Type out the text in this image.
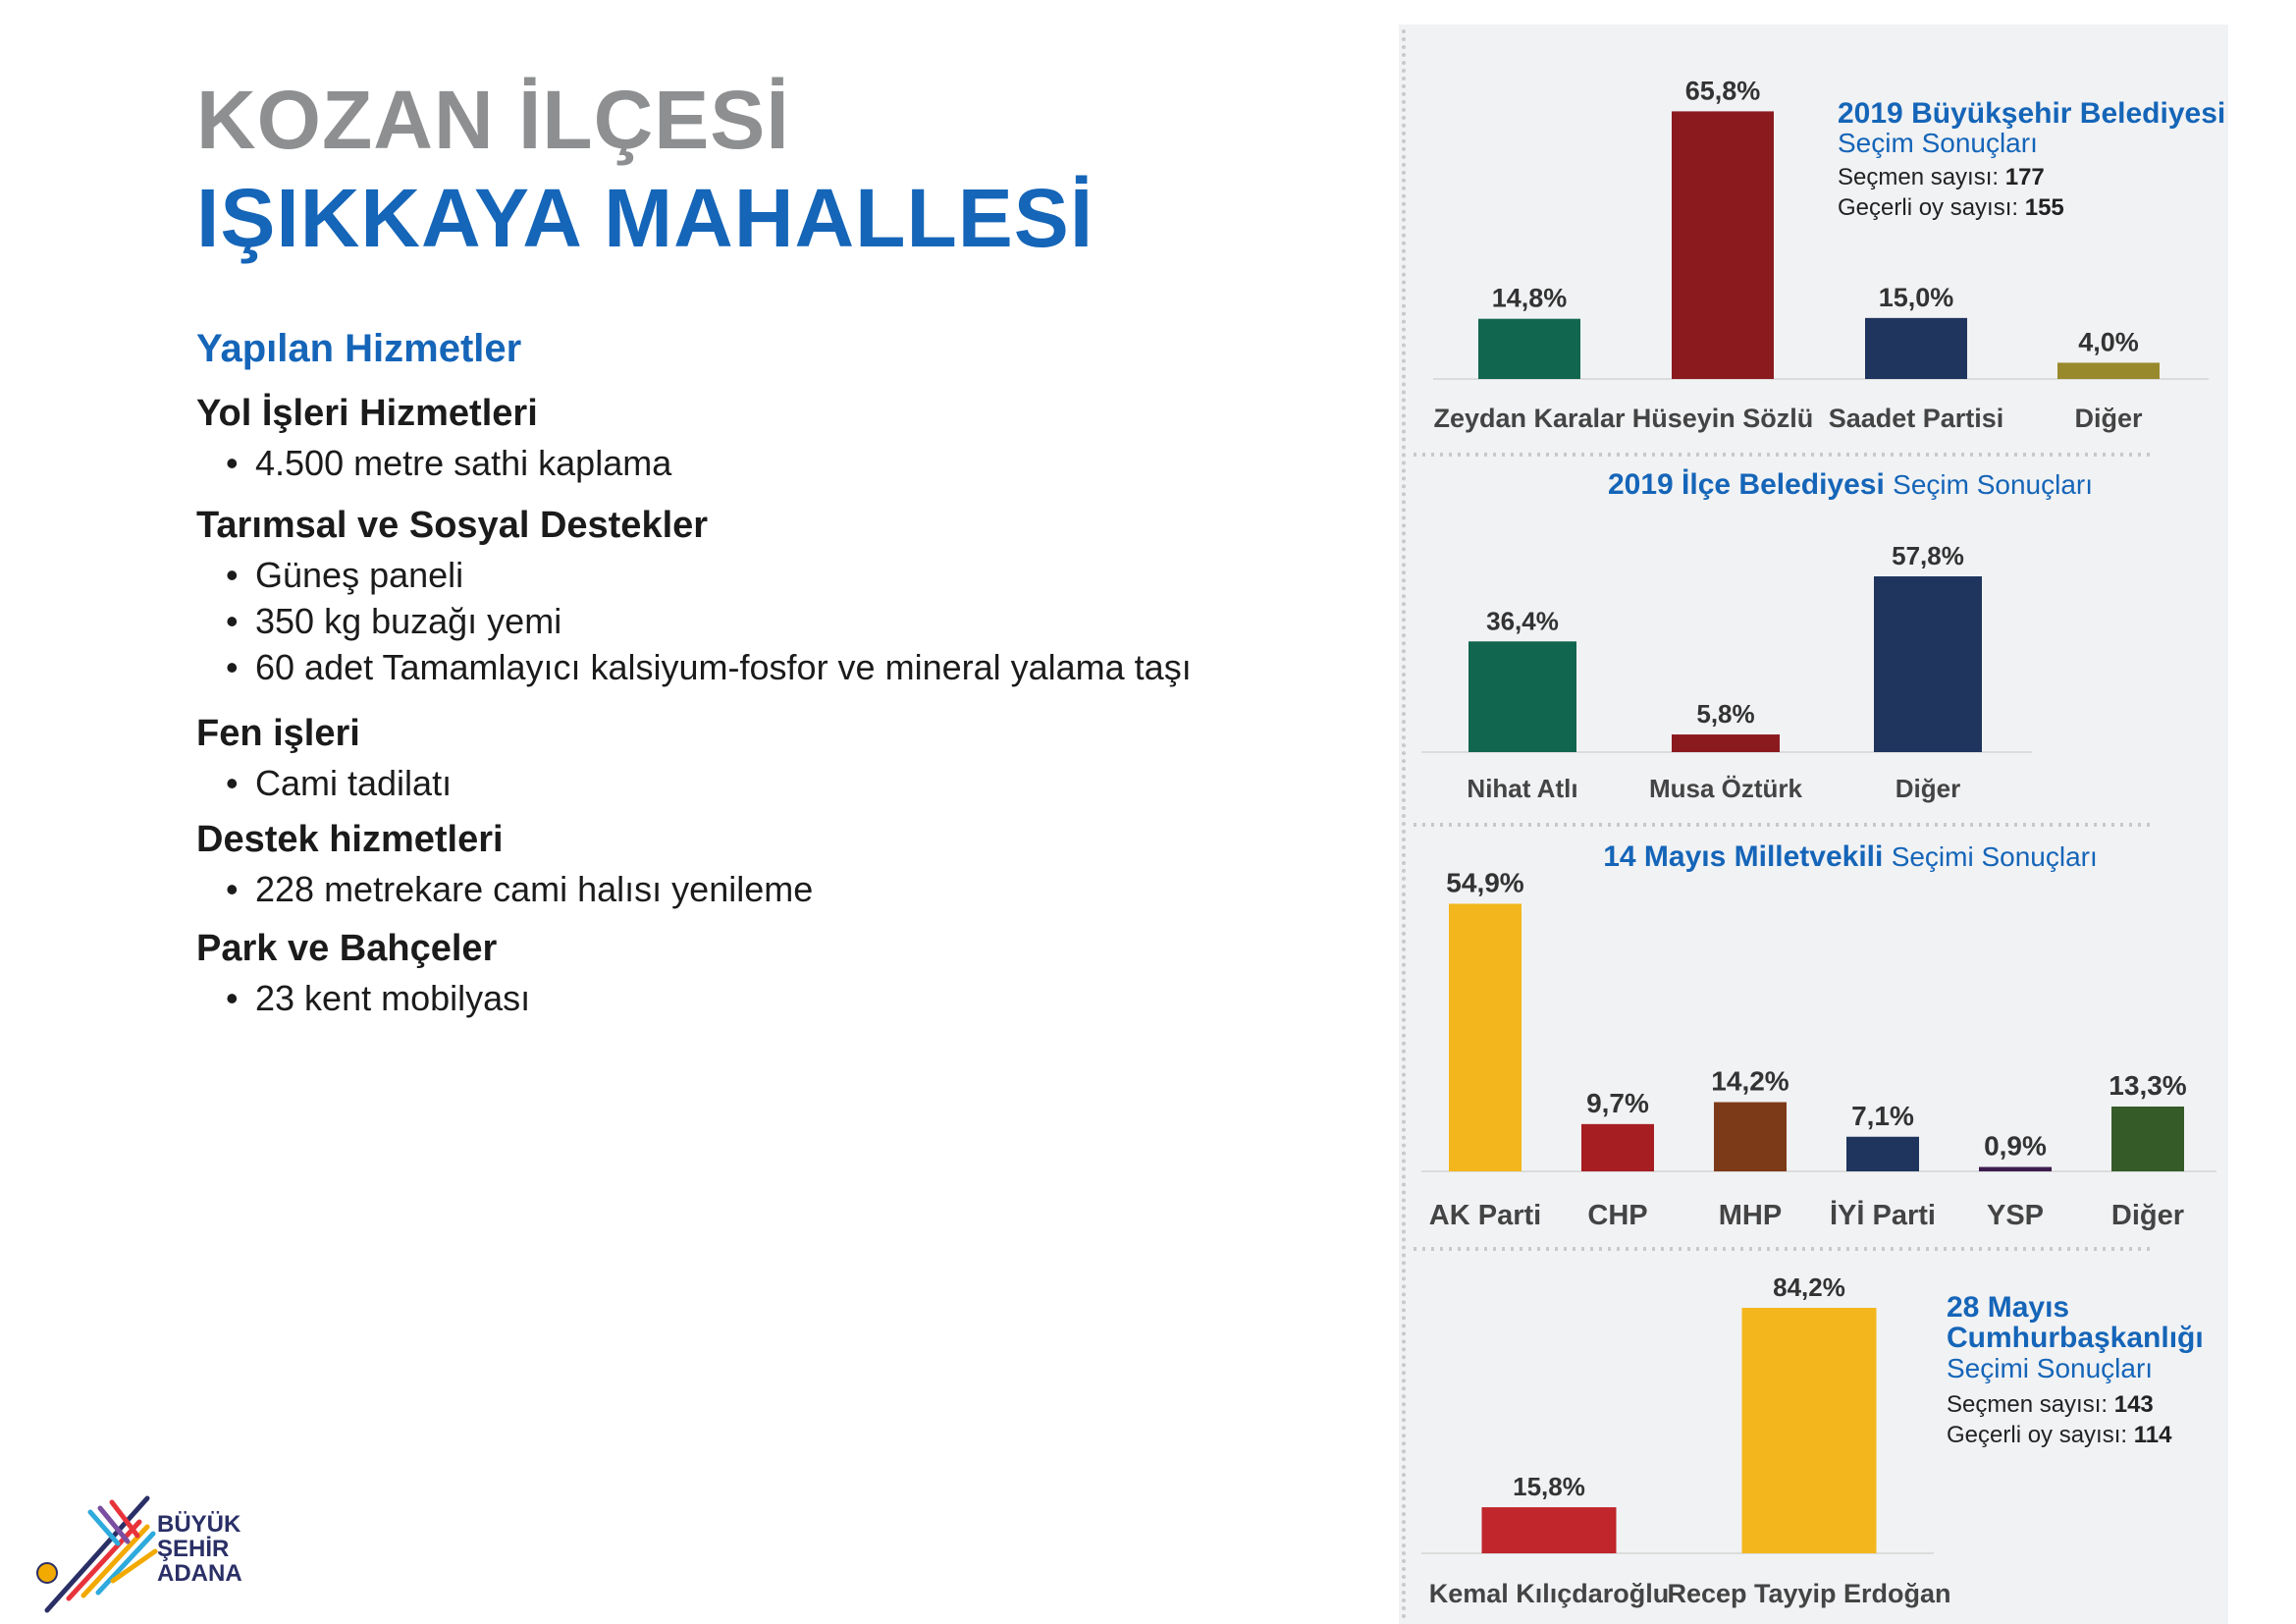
KOZAN İLÇESİ
IŞIKKAYA MAHALLESİ
Yapılan Hizmetler
Yol İşleri Hizmetleri
• 4.500 metre sathi kaplama
Tarımsal ve Sosyal Destekler
• Güneş paneli
• 350 kg buzağı yemi
• 60 adet Tamamlayıcı kalsiyum-fosfor ve mineral yalama taşı
Fen işleri
• Cami tadilatı
Destek hizmetleri
• 228 metrekare cami halısı yenileme
Park ve Bahçeler
• 23 kent mobilyası
BÜYÜK
ŞEHİR
ADANA
14,8%
Zeydan Karalar
65,8%
Hüseyin Sözlü
15,0%
Saadet Partisi
4,0%
Diğer
2019 Büyükşehir Belediyesi
Seçim Sonuçları
Seçmen sayısı: 177
Geçerli oy sayısı: 155
36,4%
Nihat Atlı
5,8%
Musa Öztürk
57,8%
Diğer
2019 İlçe Belediyesi Seçim Sonuçları
54,9%
AK Parti
9,7%
CHP
14,2%
MHP
7,1%
İYİ Parti
0,9%
YSP
13,3%
Diğer
14 Mayıs Milletvekili Seçimi Sonuçları
15,8%
Kemal Kılıçdaroğlu
84,2%
Recep Tayyip Erdoğan
28 Mayıs
Cumhurbaşkanlığı
Seçimi Sonuçları
Seçmen sayısı: 143
Geçerli oy sayısı: 114
